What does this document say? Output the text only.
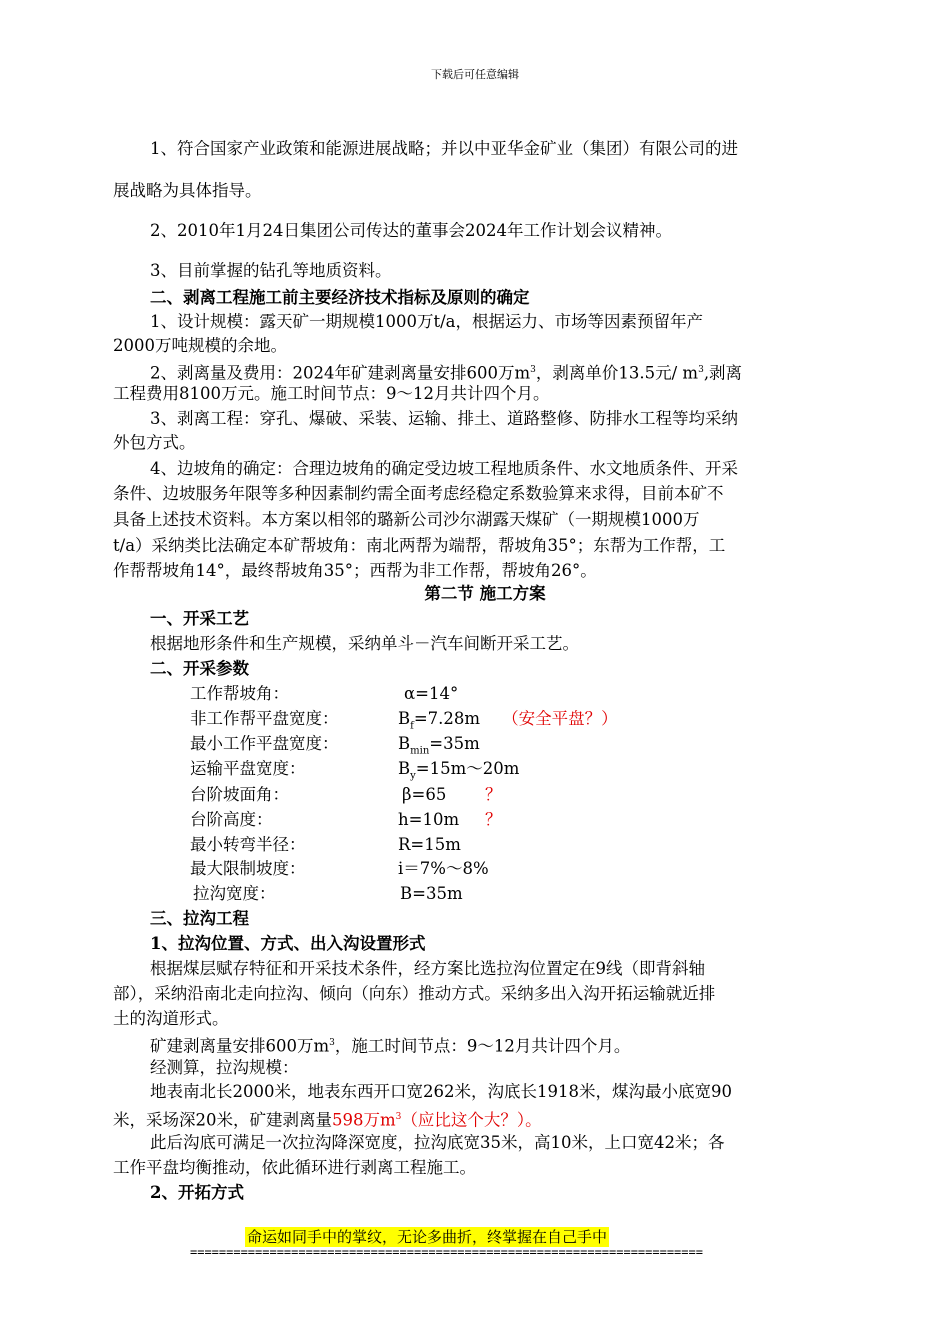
下载后可任意编辑
1、符合国家产业政策和能源进展战略；并以中亚华金矿业（集团）有限公司的进
展战略为具体指导。
2、2010年1月24日集团公司传达的董事会2024年工作计划会议精神。
3、目前掌握的钻孔等地质资料。
二、剥离工程施工前主要经济技术指标及原则的确定
1、设计规模：露天矿一期规模1000万t/a，根据运力、市场等因素预留年产
2000万吨规模的余地。
2、剥离量及费用：2024年矿建剥离量安排600万$m^3$，剥离单价13.5元/ $m^3$,剥离
工程费用8100万元。施工时间节点：9～12月共计四个月。
3、剥离工程：穿孔、爆破、采装、运输、排土、道路整修、防排水工程等均采纳
外包方式。
4、边坡角的确定：合理边坡角的确定受边坡工程地质条件、水文地质条件、开采
条件、边坡服务年限等多种因素制约需全面考虑经稳定系数验算来求得，目前本矿不
具备上述技术资料。本方案以相邻的璐新公司沙尔湖露天煤矿（一期规模1000万
t/a）采纳类比法确定本矿帮坡角：南北两帮为端帮，帮坡角35°；东帮为工作帮，工
作帮帮坡角14°，最终帮坡角35°；西帮为非工作帮，帮坡角26°。
第二节 施工方案
一、开采工艺
根据地形条件和生产规模，采纳单斗－汽车间断开采工艺。
二、开采参数
工作帮坡角：	α=14°
非工作帮平盘宽度：	$B_f=7.28m$ （安全平盘？）
最小工作平盘宽度：	$B_{min}=35m$
运输平盘宽度：	$B_y=15m\sim 20m$
台阶坡面角：	β=65 ？
台阶高度：	h=10m ？
最小转弯半径：	R=15m
最大限制坡度：	i＝7%～8%
拉沟宽度：	B=35m
三、拉沟工程
1、拉沟位置、方式、出入沟设置形式
根据煤层赋存特征和开采技术条件，经方案比选拉沟位置定在9线（即背斜轴
部），采纳沿南北走向拉沟、倾向（向东）推动方式。采纳多出入沟开拓运输就近排
土的沟道形式。
矿建剥离量安排600万$m^3$，施工时间节点：9～12月共计四个月。
经测算，拉沟规模：
地表南北长2000米，地表东西开口宽262米，沟底长1918米，煤沟最小底宽90
米，采场深20米，矿建剥离量598万$m^3$（应比这个大？）。
此后沟底可满足一次拉沟降深宽度，拉沟底宽35米，高10米，上口宽42米；各
工作平盘均衡推动，依此循环进行剥离工程施工。
2、开拓方式
命运如同手中的掌纹，无论多曲折，终掌握在自己手中
=======================================================================
